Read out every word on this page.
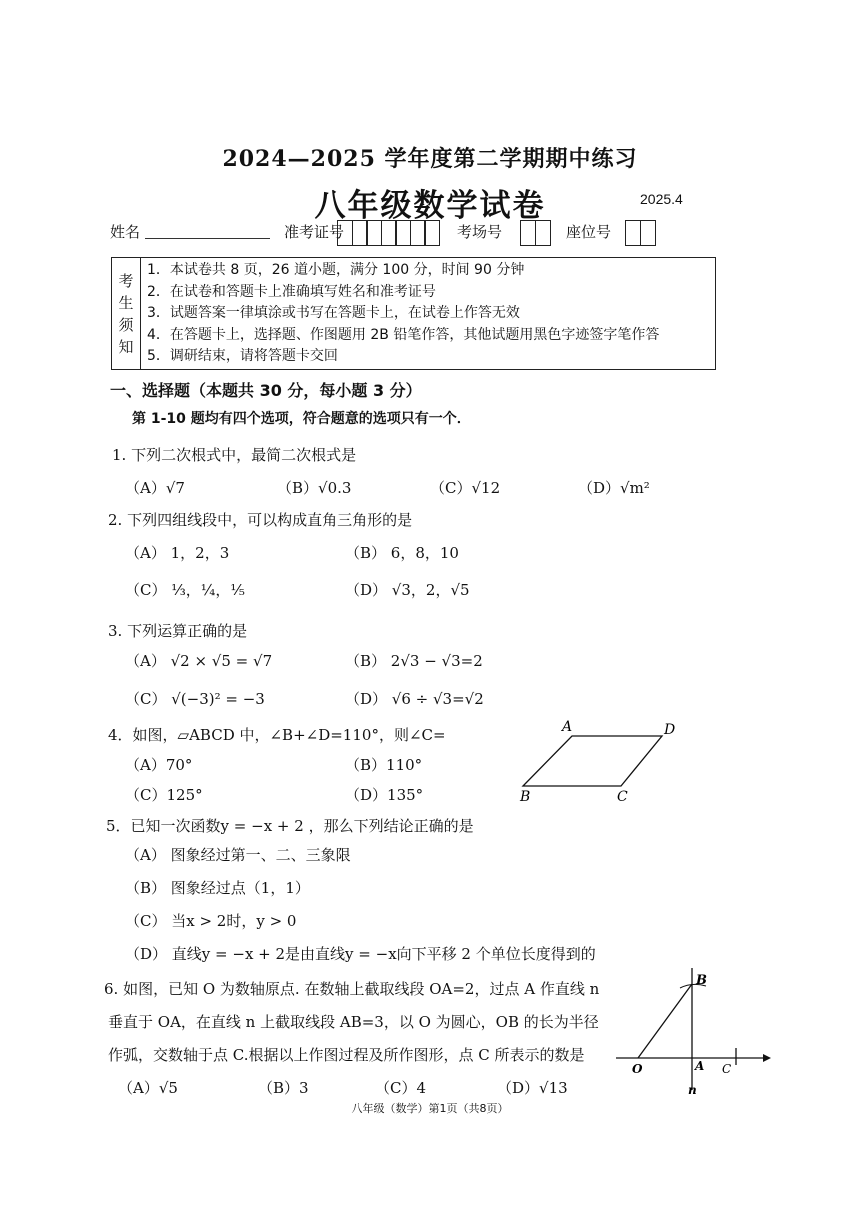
2024—2025 学年度第二学期期中练习
八年级数学试卷	2025.4
姓名	准考证号	考场号	座位号
考
生
须
知
1．本试卷共 8 页，26 道小题，满分 100 分，时间 90 分钟
2．在试卷和答题卡上准确填写姓名和准考证号
3．试题答案一律填涂或书写在答题卡上，在试卷上作答无效
4．在答题卡上，选择题、作图题用 2B 铅笔作答，其他试题用黑色字迹签字笔作答
5．调研结束，请将答题卡交回
一、选择题（本题共 30 分，每小题 3 分）
第 1-10 题均有四个选项，符合题意的选项只有一个．
1. 下列二次根式中，最简二次根式是
（A）√7	（B）√0.3	（C）√12	（D）√m²
2. 下列四组线段中，可以构成直角三角形的是
（A） 1，2，3	（B） 6，8，10
（C） ⅓，¼，⅕	（D） √3，2，√5
3. 下列运算正确的是
（A） √2 × √5 = √7	（B） 2√3 − √3=2
（C） √(−3)² = −3	（D） √6 ÷ √3=√2
4．如图，▱ABCD 中，∠B+∠D=110°，则∠C=
（A）70°	（B）110°
（C）125°	（D）135°
A	D
B	C
5．已知一次函数y = −x + 2 ，那么下列结论正确的是
（A） 图象经过第一、二、三象限
（B） 图象经过点（1，1）
（C） 当x > 2时，y > 0
（D） 直线y = −x + 2是由直线y = −x向下平移 2 个单位长度得到的
6. 如图，已知 O 为数轴原点. 在数轴上截取线段 OA=2，过点 A 作直线 n
垂直于 OA，在直线 n 上截取线段 AB=3，以 O 为圆心，OB 的长为半径
作弧，交数轴于点 C.根据以上作图过程及所作图形，点 C 所表示的数是
（A）√5	（B）3	（C）4	（D）√13
B
O	A C
n
八年级（数学）第1页（共8页）
